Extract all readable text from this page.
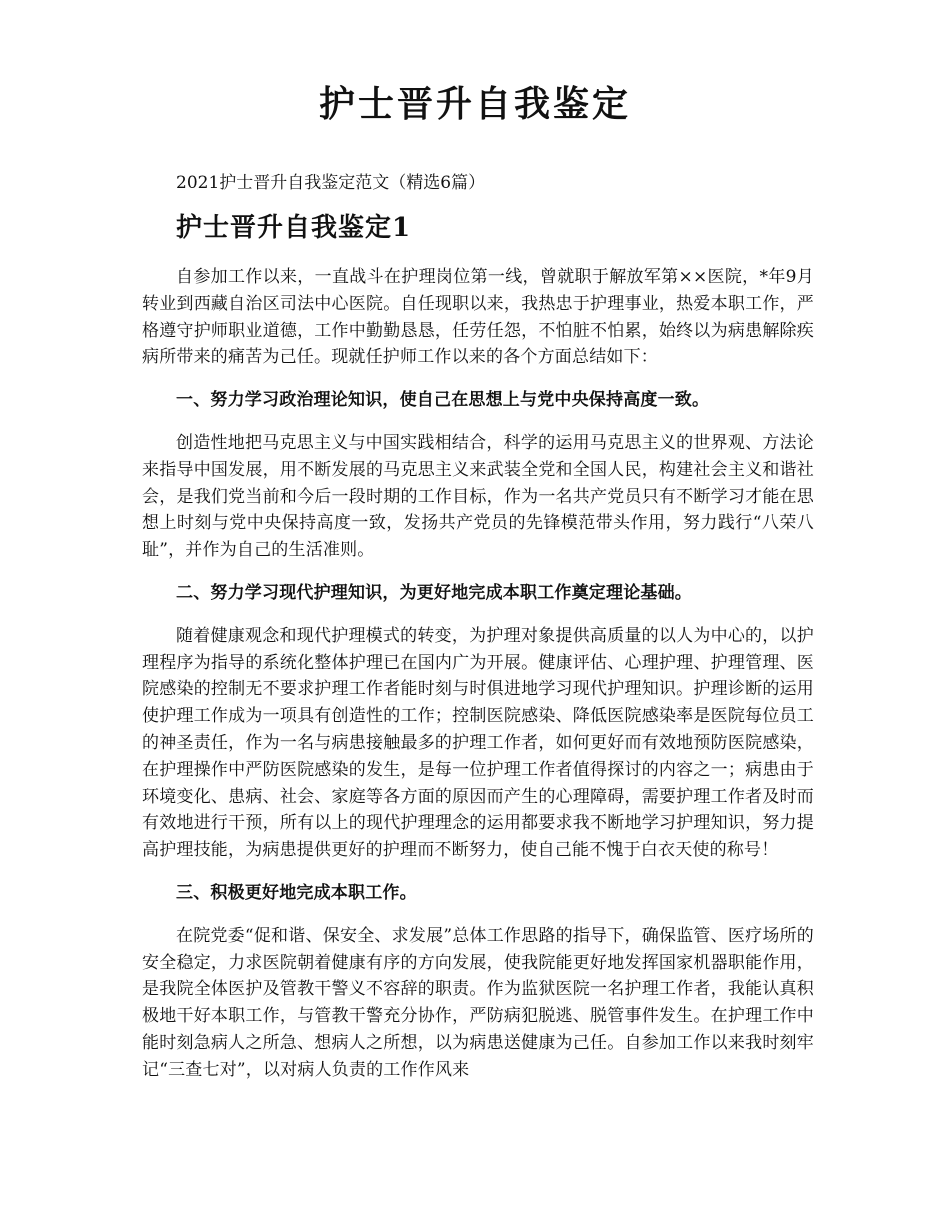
护士晋升自我鉴定

2021护士晋升自我鉴定范文（精选6篇）

护士晋升自我鉴定1

自参加工作以来，一直战斗在护理岗位第一线，曾就职于解放军第××医院，*年9月转业到西藏自治区司法中心医院。自任现职以来，我热忠于护理事业，热爱本职工作，严格遵守护师职业道德，工作中勤勤恳恳，任劳任怨，不怕脏不怕累，始终以为病患解除疾病所带来的痛苦为己任。现就任护师工作以来的各个方面总结如下：

一、努力学习政治理论知识，使自己在思想上与党中央保持高度一致。

创造性地把马克思主义与中国实践相结合，科学的运用马克思主义的世界观、方法论来指导中国发展，用不断发展的马克思主义来武装全党和全国人民，构建社会主义和谐社会，是我们党当前和今后一段时期的工作目标，作为一名共产党员只有不断学习才能在思想上时刻与党中央保持高度一致，发扬共产党员的先锋模范带头作用，努力践行“八荣八耻”，并作为自己的生活准则。

二、努力学习现代护理知识，为更好地完成本职工作奠定理论基础。

随着健康观念和现代护理模式的转变，为护理对象提供高质量的以人为中心的，以护理程序为指导的系统化整体护理已在国内广为开展。健康评估、心理护理、护理管理、医院感染的控制无不要求护理工作者能时刻与时俱进地学习现代护理知识。护理诊断的运用使护理工作成为一项具有创造性的工作；控制医院感染、降低医院感染率是医院每位员工的神圣责任，作为一名与病患接触最多的护理工作者，如何更好而有效地预防医院感染，在护理操作中严防医院感染的发生，是每一位护理工作者值得探讨的内容之一；病患由于环境变化、患病、社会、家庭等各方面的原因而产生的心理障碍，需要护理工作者及时而有效地进行干预，所有以上的现代护理理念的运用都要求我不断地学习护理知识，努力提高护理技能，为病患提供更好的护理而不断努力，使自己能不愧于白衣天使的称号！

三、积极更好地完成本职工作。

在院党委“促和谐、保安全、求发展”总体工作思路的指导下，确保监管、医疗场所的安全稳定，力求医院朝着健康有序的方向发展，使我院能更好地发挥国家机器职能作用，是我院全体医护及管教干警义不容辞的职责。作为监狱医院一名护理工作者，我能认真积极地干好本职工作，与管教干警充分协作，严防病犯脱逃、脱管事件发生。在护理工作中能时刻急病人之所急、想病人之所想，以为病患送健康为己任。自参加工作以来我时刻牢记“三查七对”，以对病人负责的工作作风来
